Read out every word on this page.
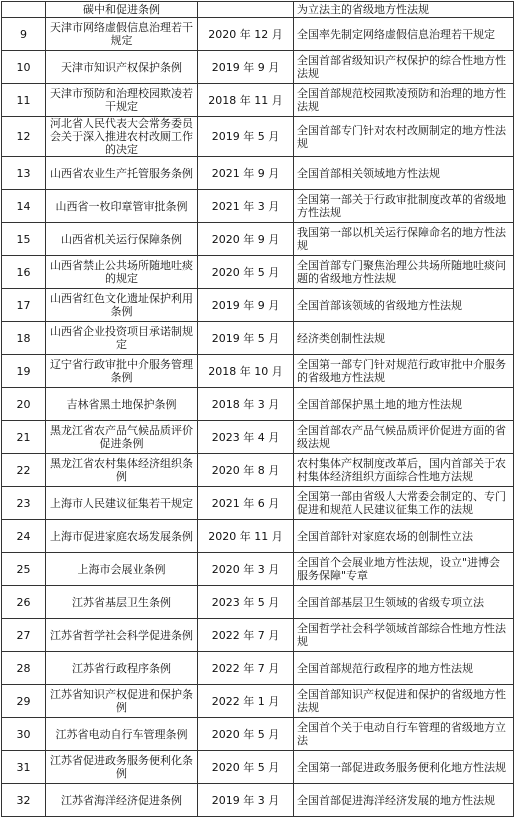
	碳中和促进条例		为立法主的省级地方性法规
9	天津市网络虚假信息治理若干规定	2020 年 12 月	全国率先制定网络虚假信息治理若干规定
10	天津市知识产权保护条例	2019 年 9 月	全国首部省级知识产权保护的综合性地方性法规
11	天津市预防和治理校园欺凌若干规定	2018 年 11 月	全国首部规范校园欺凌预防和治理的地方性法规
12	河北省人民代表大会常务委员会关于深入推进农村改厕工作的决定	2019 年 5 月	全国首部专门针对农村改厕制定的地方性法规
13	山西省农业生产托管服务条例	2021 年 9 月	全国首部相关领域地方性法规
14	山西省一枚印章管审批条例	2021 年 3 月	全国第一部关于行政审批制度改革的省级地方性法规
15	山西省机关运行保障条例	2020 年 9 月	我国第一部以机关运行保障命名的地方性法规
16	山西省禁止公共场所随地吐痰的规定	2020 年 5 月	全国首部专门聚焦治理公共场所随地吐痰问题的省级地方性法规
17	山西省红色文化遗址保护利用条例	2019 年 9 月	全国首部该领域的省级地方性法规
18	山西省企业投资项目承诺制规定	2019 年 5 月	经济类创制性法规
19	辽宁省行政审批中介服务管理条例	2018 年 10 月	全国第一部专门针对规范行政审批中介服务的省级地方性法规
20	吉林省黑土地保护条例	2018 年 3 月	全国首部保护黑土地的地方性法规
21	黑龙江省农产品气候品质评价促进条例	2023 年 4 月	全国首部农产品气候品质评价促进方面的省级法规
22	黑龙江省农村集体经济组织条例	2020 年 8 月	农村集体产权制度改革后，国内首部关于农村集体经济组织方面综合性地方法规
23	上海市人民建议征集若干规定	2021 年 6 月	全国第一部由省级人大常委会制定的、专门促进和规范人民建议征集工作的法规
24	上海市促进家庭农场发展条例	2020 年 11 月	全国首部针对家庭农场的创制性立法
25	上海市会展业条例	2020 年 3 月	全国首个会展业地方性法规，设立"进博会服务保障"专章
26	江苏省基层卫生条例	2023 年 5 月	全国首部基层卫生领域的省级专项立法
27	江苏省哲学社会科学促进条例	2022 年 7 月	全国哲学社会科学领域首部综合性地方性法规
28	江苏省行政程序条例	2022 年 7 月	全国首部规范行政程序的地方性法规
29	江苏省知识产权促进和保护条例	2022 年 1 月	全国首部知识产权促进和保护的省级地方性法规
30	江苏省电动自行车管理条例	2020 年 5 月	全国首个关于电动自行车管理的省级地方立法
31	江苏省促进政务服务便利化条例	2020 年 5 月	全国第一部促进政务服务便利化地方性法规
32	江苏省海洋经济促进条例	2019 年 3 月	全国首部促进海洋经济发展的地方性法规
